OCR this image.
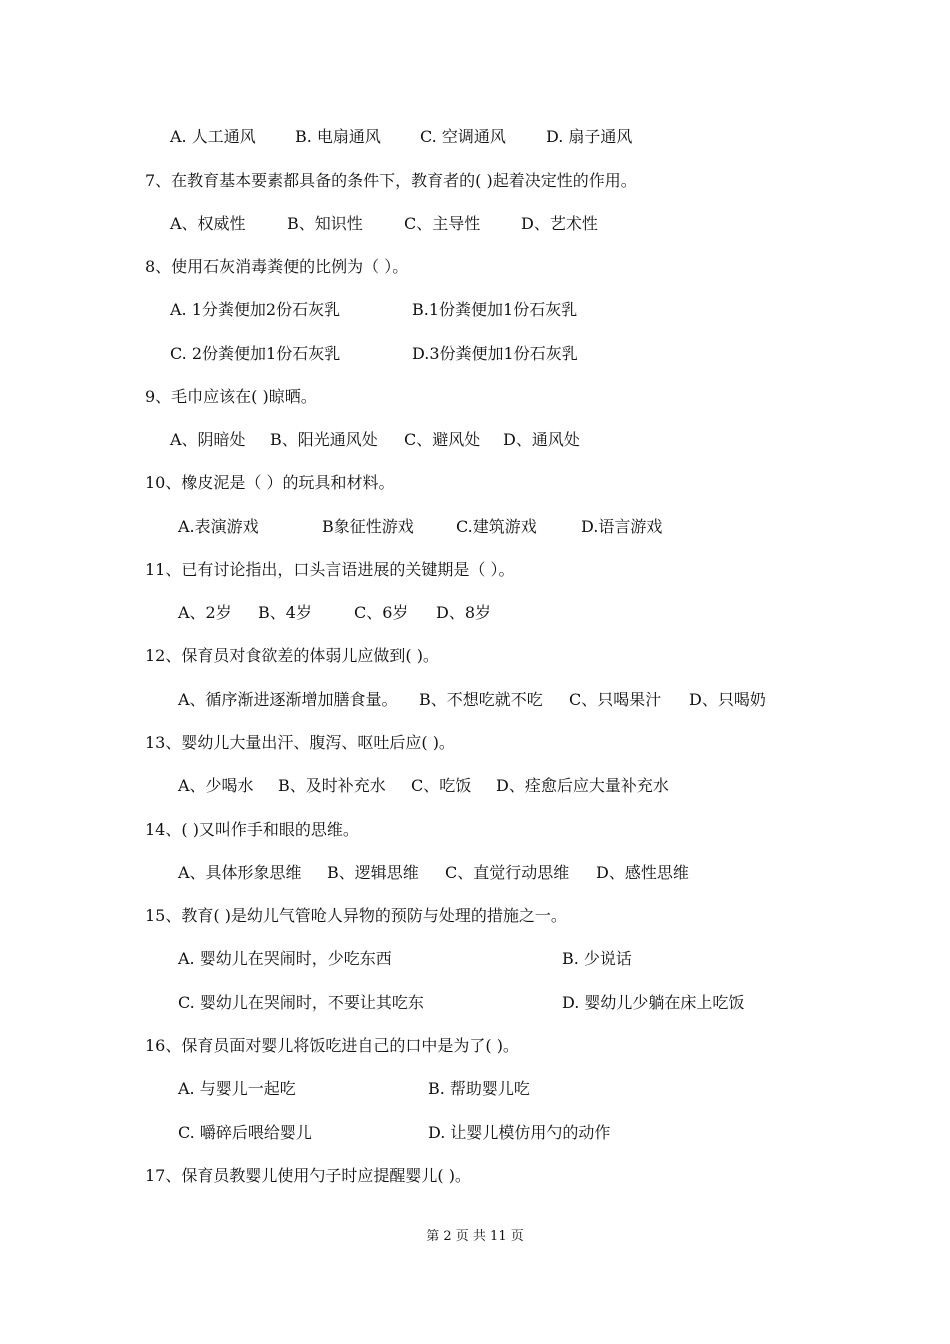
A. 人工通风 B. 电扇通风 C. 空调通风	D. 扇子通风
7、在教育基本要素都具备的条件下，教育者的( )起着决定性的作用。
A、权威性	B、知识性	C、主导性	D、艺术性
8、使用石灰消毒粪便的比例为（ ）。
A. 1分粪便加2份石灰乳	B.1份粪便加1份石灰乳
C. 2份粪便加1份石灰乳	D.3份粪便加1份石灰乳
9、毛巾应该在( )晾晒。
A、阴暗处 B、阳光通风处 C、避风处 D、通风处
10、橡皮泥是（ ）的玩具和材料。
A.表演游戏	B象征性游戏	C.建筑游戏	D.语言游戏
11、已有讨论指出，口头言语进展的关键期是（ ）。
A、2岁 B、4岁	C、6岁 D、8岁
12、保育员对食欲差的体弱儿应做到( )。
A、循序渐进逐渐增加膳食量。 B、不想吃就不吃 C、只喝果汁 D、只喝奶
13、婴幼儿大量出汗、腹泻、呕吐后应( )。
A、少喝水 B、及时补充水 C、吃饭 D、痊愈后应大量补充水
14、( )又叫作手和眼的思维。
A、具体形象思维 B、逻辑思维 C、直觉行动思维 D、感性思维
15、教育( )是幼儿气管呛人异物的预防与处理的措施之一。
A. 婴幼儿在哭闹时，少吃东西	B. 少说话
C. 婴幼儿在哭闹时，不要让其吃东	D. 婴幼儿少躺在床上吃饭
16、保育员面对婴儿将饭吃进自己的口中是为了( )。
A. 与婴儿一起吃	B. 帮助婴儿吃
C. 嚼碎后喂给婴儿	D. 让婴儿模仿用勺的动作
17、保育员教婴儿使用勺子时应提醒婴儿( )。
第 2 页 共 11 页
